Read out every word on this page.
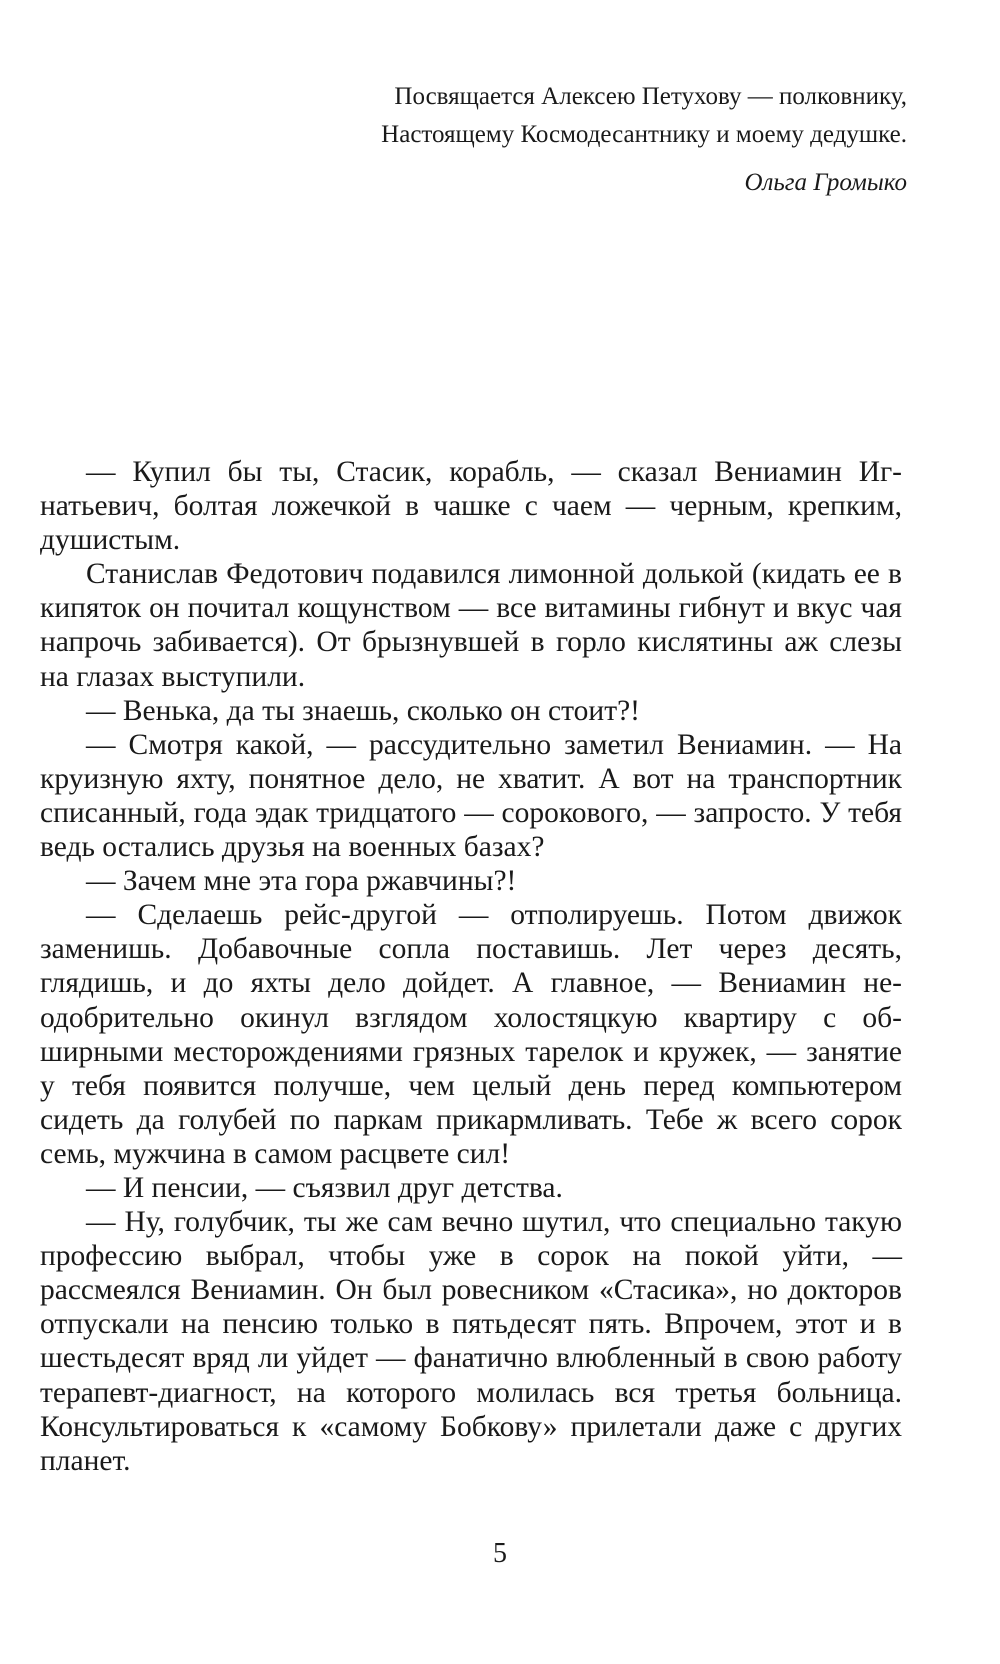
Посвящается Алексею Петухову — полковнику,
Настоящему Космодесантнику и моему дедушке.
Ольга Громыко

— Купил бы ты, Стасик, корабль, — сказал Вениамин Игнатьевич, болтая ложечкой в чашке с чаем — черным, крепким, душистым.

Станислав Федотович подавился лимонной долькой (кидать ее в кипяток он почитал кощунством — все витамины гибнут и вкус чая напрочь забивается). От брызнувшей в горло кислятины аж слезы на глазах выступили.

— Венька, да ты знаешь, сколько он стоит?!

— Смотря какой, — рассудительно заметил Вениамин. — На круизную яхту, понятное дело, не хватит. А вот на транспортник списанный, года эдак тридцатого — сорокового, — запросто. У тебя ведь остались друзья на военных базах?

— Зачем мне эта гора ржавчины?!

— Сделаешь рейс-другой — отполируешь. Потом движок заменишь. Добавочные сопла поставишь. Лет через десять, глядишь, и до яхты дело дойдет. А главное, — Вениамин неодобрительно окинул взглядом холостяцкую квартиру с обширными месторождениями грязных тарелок и кружек, — занятие у тебя появится получше, чем целый день перед компьютером сидеть да голубей по паркам прикармливать. Тебе ж всего сорок семь, мужчина в самом расцвете сил!

— И пенсии, — съязвил друг детства.

— Ну, голубчик, ты же сам вечно шутил, что специально такую профессию выбрал, чтобы уже в сорок на покой уйти, — рассмеялся Вениамин. Он был ровесником «Стасика», но докторов отпускали на пенсию только в пятьдесят пять. Впрочем, этот и в шестьдесят вряд ли уйдет — фанатично влюбленный в свою работу терапевт-диагност, на которого молилась вся третья больница. Консультироваться к «самому Бобкову» прилетали даже с других планет.

5
